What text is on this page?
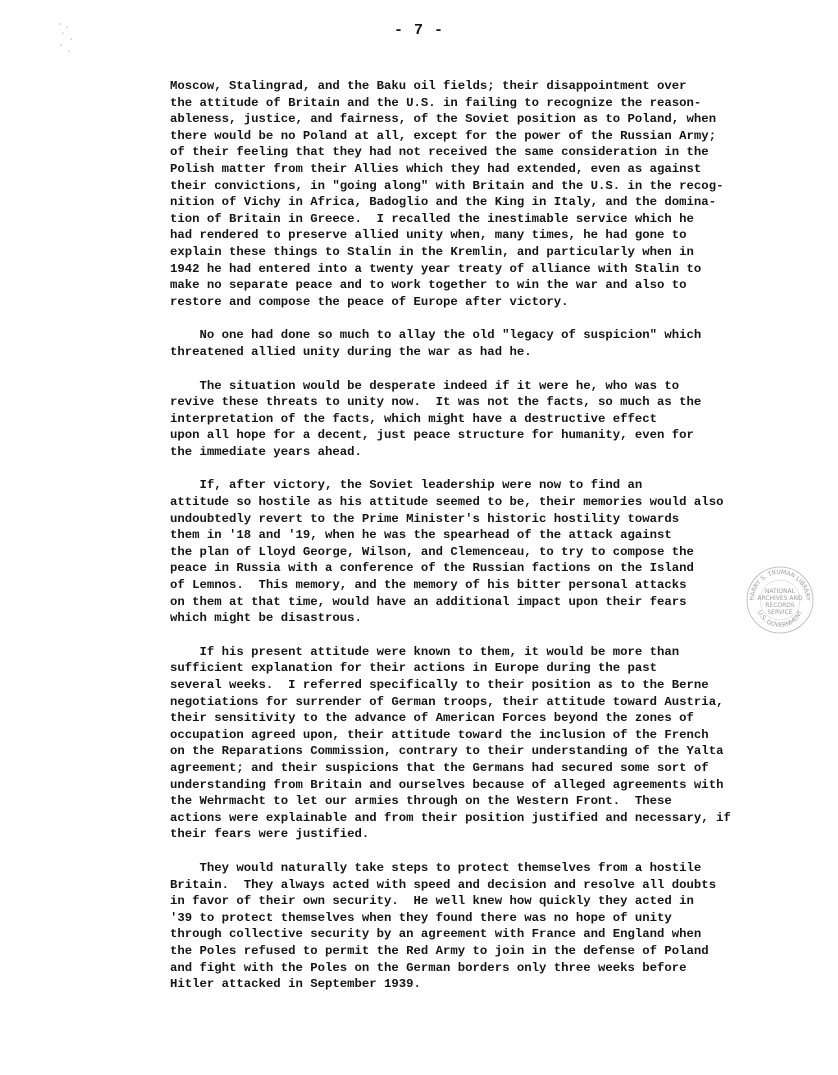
- 7 -

Moscow, Stalingrad, and the Baku oil fields; their disappointment over
the attitude of Britain and the U.S. in failing to recognize the reason-
ableness, justice, and fairness, of the Soviet position as to Poland, when
there would be no Poland at all, except for the power of the Russian Army;
of their feeling that they had not received the same consideration in the
Polish matter from their Allies which they had extended, even as against
their convictions, in "going along" with Britain and the U.S. in the recog-
nition of Vichy in Africa, Badoglio and the King in Italy, and the domina-
tion of Britain in Greece.  I recalled the inestimable service which he
had rendered to preserve allied unity when, many times, he had gone to
explain these things to Stalin in the Kremlin, and particularly when in
1942 he had entered into a twenty year treaty of alliance with Stalin to
make no separate peace and to work together to win the war and also to
restore and compose the peace of Europe after victory.

No one had done so much to allay the old "legacy of suspicion" which
threatened allied unity during the war as had he.

The situation would be desperate indeed if it were he, who was to
revive these threats to unity now.  It was not the facts, so much as the
interpretation of the facts, which might have a destructive effect
upon all hope for a decent, just peace structure for humanity, even for
the immediate years ahead.

If, after victory, the Soviet leadership were now to find an
attitude so hostile as his attitude seemed to be, their memories would also
undoubtedly revert to the Prime Minister's historic hostility towards
them in '18 and '19, when he was the spearhead of the attack against
the plan of Lloyd George, Wilson, and Clemenceau, to try to compose the
peace in Russia with a conference of the Russian factions on the Island
of Lemnos.  This memory, and the memory of his bitter personal attacks
on them at that time, would have an additional impact upon their fears
which might be disastrous.

If his present attitude were known to them, it would be more than
sufficient explanation for their actions in Europe during the past
several weeks.  I referred specifically to their position as to the Berne
negotiations for surrender of German troops, their attitude toward Austria,
their sensitivity to the advance of American Forces beyond the zones of
occupation agreed upon, their attitude toward the inclusion of the French
on the Reparations Commission, contrary to their understanding of the Yalta
agreement; and their suspicions that the Germans had secured some sort of
understanding from Britain and ourselves because of alleged agreements with
the Wehrmacht to let our armies through on the Western Front.  These
actions were explainable and from their position justified and necessary, if
their fears were justified.

They would naturally take steps to protect themselves from a hostile
Britain.  They always acted with speed and decision and resolve all doubts
in favor of their own security.  He well knew how quickly they acted in
'39 to protect themselves when they found there was no hope of unity
through collective security by an agreement with France and England when
the Poles refused to permit the Red Army to join in the defense of Poland
and fight with the Poles on the German borders only three weeks before
Hitler attacked in September 1939.

HARRY S. TRUMAN LIBRARY
U.S. GOVERNMENT
NATIONAL
ARCHIVES AND
RECORDS
SERVICE
